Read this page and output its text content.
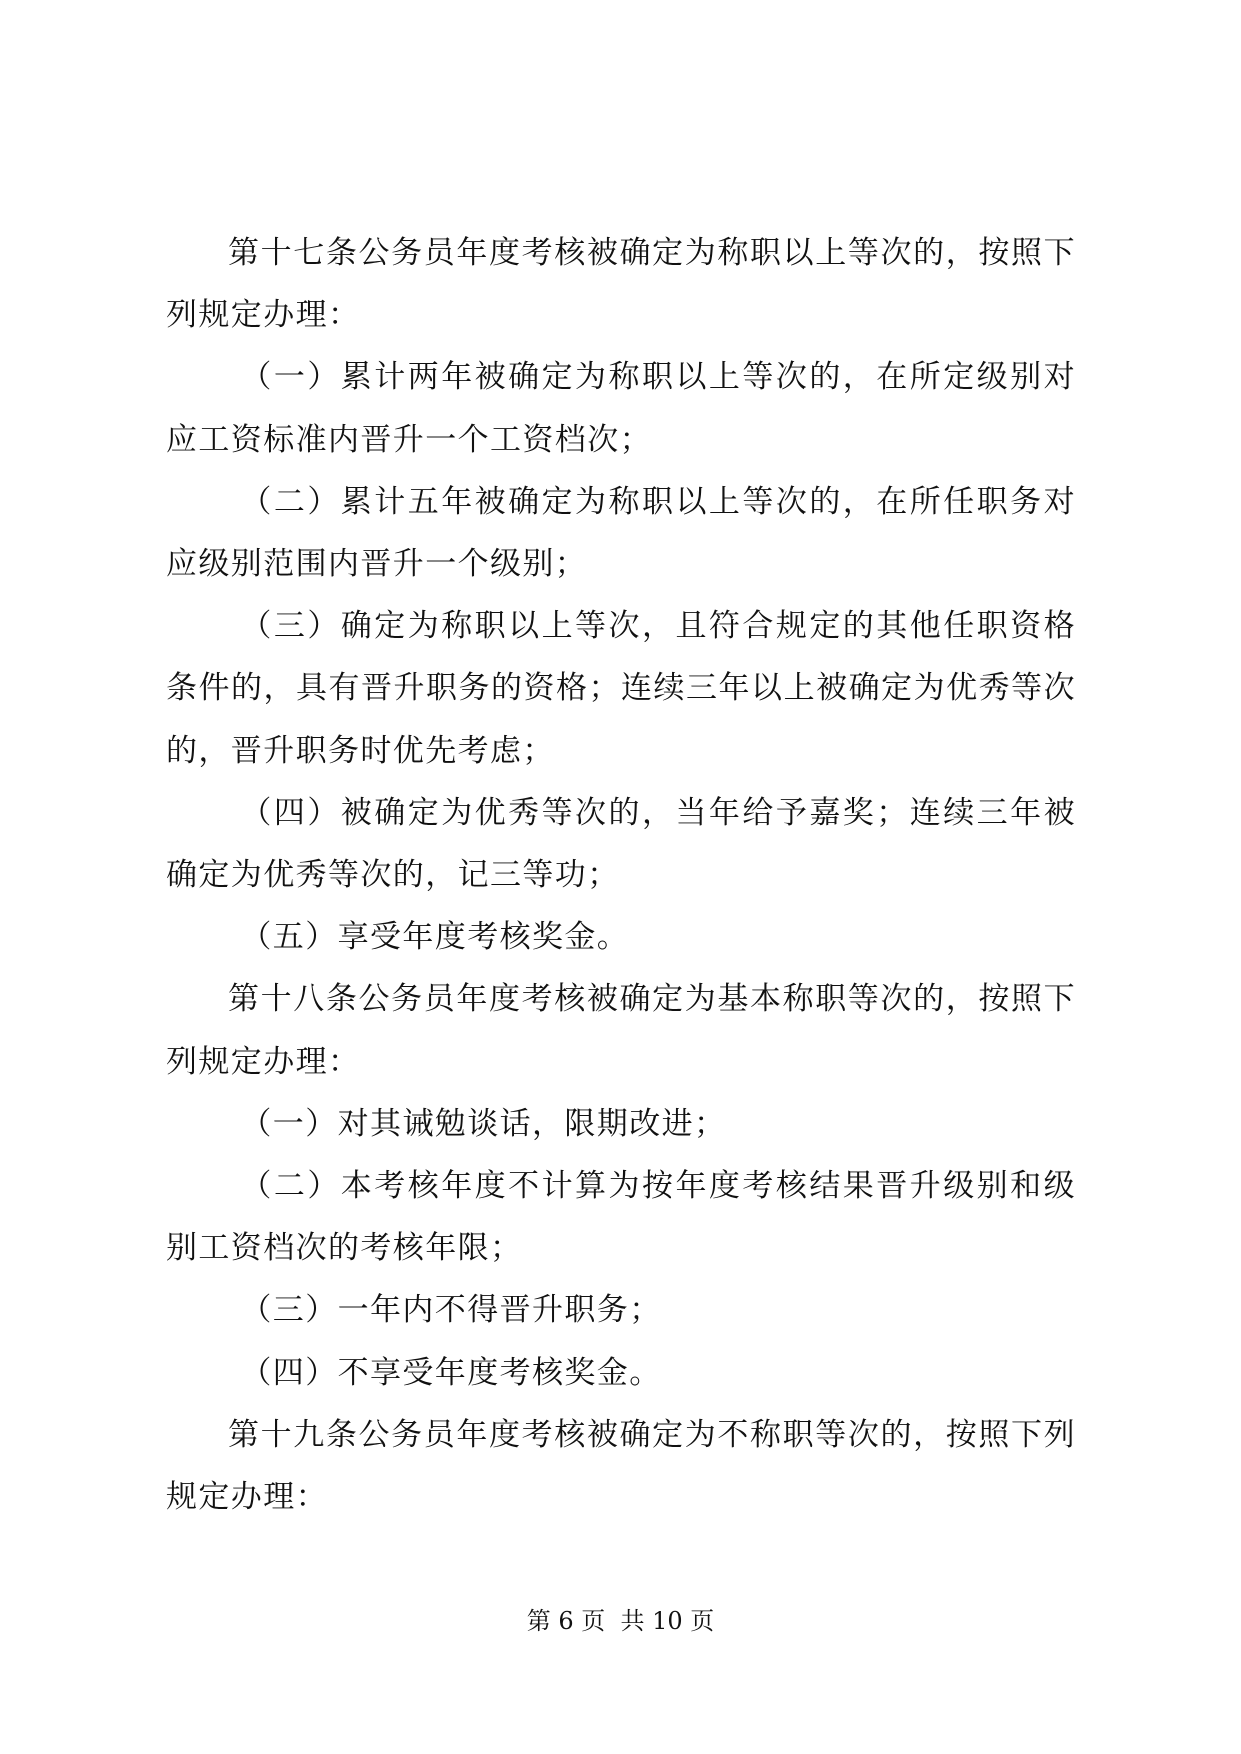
第十七条公务员年度考核被确定为称职以上等次的，按照下列规定办理：

（一）累计两年被确定为称职以上等次的，在所定级别对应工资标准内晋升一个工资档次；

（二）累计五年被确定为称职以上等次的，在所任职务对应级别范围内晋升一个级别；

（三）确定为称职以上等次，且符合规定的其他任职资格条件的，具有晋升职务的资格；连续三年以上被确定为优秀等次的，晋升职务时优先考虑；

（四）被确定为优秀等次的，当年给予嘉奖；连续三年被确定为优秀等次的，记三等功；

（五）享受年度考核奖金。

第十八条公务员年度考核被确定为基本称职等次的，按照下列规定办理：

（一）对其诫勉谈话，限期改进；

（二）本考核年度不计算为按年度考核结果晋升级别和级别工资档次的考核年限；

（三）一年内不得晋升职务；

（四）不享受年度考核奖金。

第十九条公务员年度考核被确定为不称职等次的，按照下列规定办理：

第 6 页  共 10 页
